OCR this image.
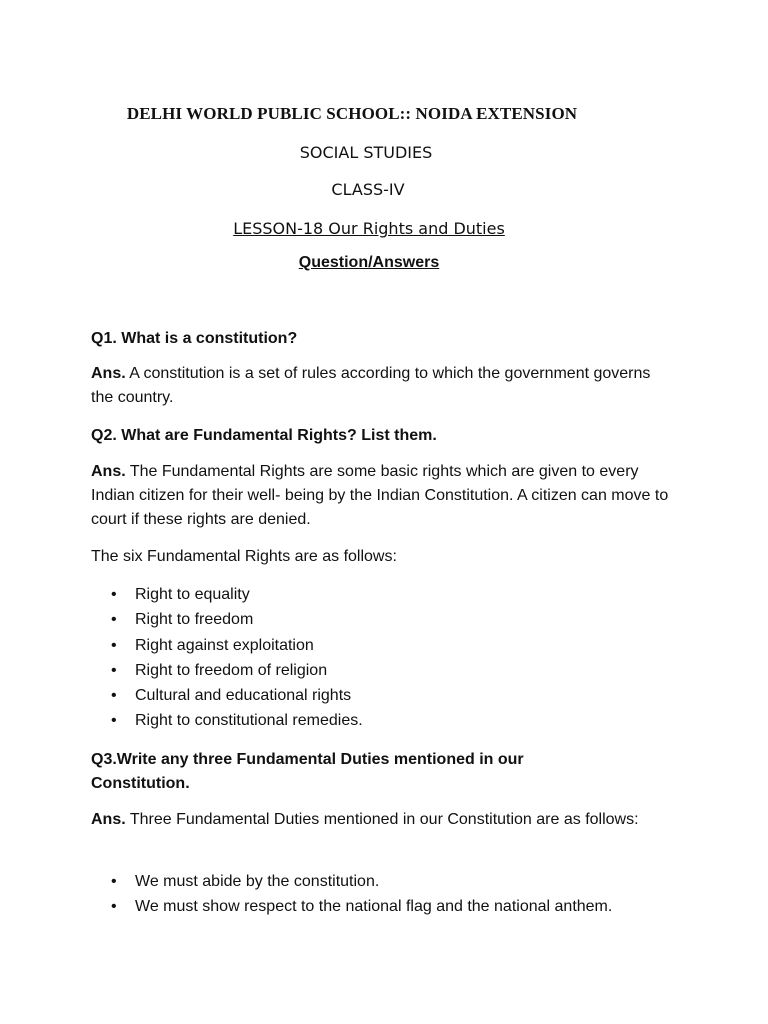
DELHI WORLD PUBLIC SCHOOL:: NOIDA EXTENSION
SOCIAL STUDIES
CLASS-IV
LESSON-18 Our Rights and Duties
Question/Answers
Q1. What is a constitution?
Ans. A constitution is a set of rules according to which the government governs the country.
Q2. What are Fundamental Rights? List them.
Ans. The Fundamental Rights are some basic rights which are given to every Indian citizen for their well- being by the Indian Constitution. A citizen can move to court if these rights are denied.
The six Fundamental Rights are as follows:
• Right to equality
• Right to freedom
• Right against exploitation
• Right to freedom of religion
• Cultural and educational rights
• Right to constitutional remedies.
Q3.Write any three Fundamental Duties mentioned in our Constitution.
Ans. Three Fundamental Duties mentioned in our Constitution are as follows:
• We must abide by the constitution.
• We must show respect to the national flag and the national anthem.
